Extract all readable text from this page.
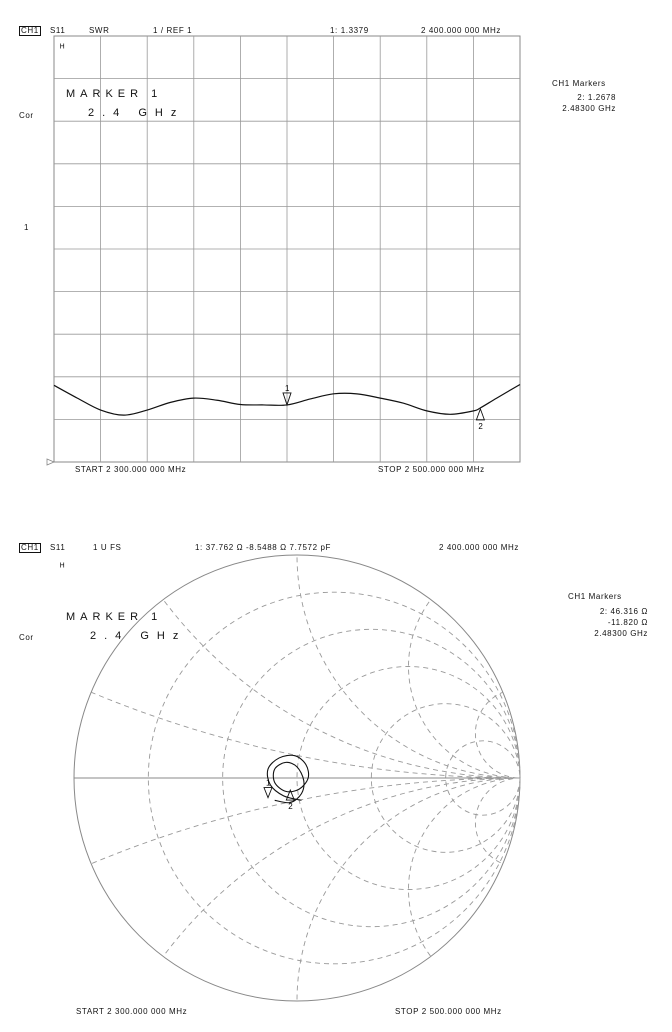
1
2
1
2
CH1 S11	SWR	1 / REF 1	1: 1.3379	2 400.000 000 MHz
ᴴ
MARKER 1
2.4 GHz
Cor
1
CH1 Markers
2: 1.2678
2.48300 GHz
START 2 300.000 000 MHz	STOP 2 500.000 000 MHz
CH1 S11	1 U FS	1: 37.762 Ω -8.5488 Ω 7.7572 pF	2 400.000 000 MHz
ᴴ
MARKER 1
2.4 GHz
Cor
CH1 Markers
2: 46.316 Ω
-11.820 Ω
2.48300 GHz
START 2 300.000 000 MHz	STOP 2 500.000 000 MHz
